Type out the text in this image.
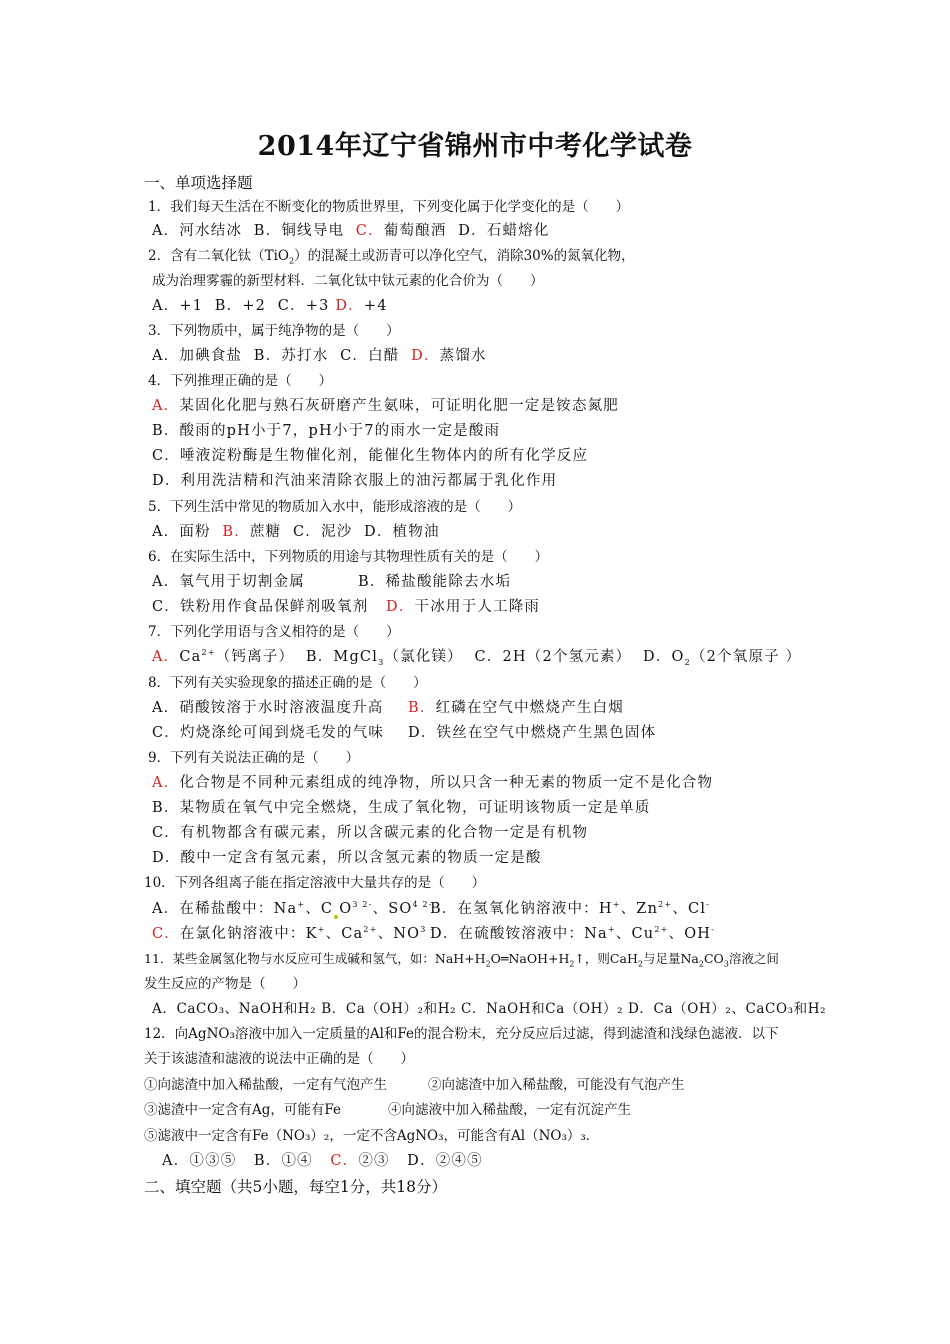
2014年辽宁省锦州市中考化学试卷
一、单项选择题
1．我们每天生活在不断变化的物质世界里，下列变化属于化学变化的是（　　）
A．河水结冰 B．铜线导电 C．葡萄酿酒 D．石蜡熔化
2．含有二氧化钛（TiO$_2$）的混凝土或沥青可以净化空气，消除30%的氮氧化物，
成为治理雾霾的新型材料．二氧化钛中钛元素的化合价为（　　）
A．+1 B．+2 C．+3 D．+4
3．下列物质中，属于纯净物的是（　　）
A．加碘食盐 B．苏打水 C．白醋 D．蒸馏水
4．下列推理正确的是（　　）
A．某固化化肥与熟石灰研磨产生氨味，可证明化肥一定是铵态氮肥
B．酸雨的pH小于7，pH小于7的雨水一定是酸雨
C．唾液淀粉酶是生物催化剂，能催化生物体内的所有化学反应
D．利用洗洁精和汽油来清除衣服上的油污都属于乳化作用
5．下列生活中常见的物质加入水中，能形成溶液的是（　　）
A．面粉 B．蔗糖 C．泥沙 D．植物油
6．在实际生活中，下列物质的用途与其物理性质有关的是（　　）
A．氧气用于切割金属	B．稀盐酸能除去水垢
C．铁粉用作食品保鲜剂吸氧剂 D．干冰用于人工降雨
7．下列化学用语与含义相符的是（　　）
A．$Ca^{2+}$（钙离子） B．MgCl$_3$（氯化镁） C．2H（2个氢元素） D．$O_2(2$个氧原子 ）
8．下列有关实验现象的描述正确的是（　　）
A．硝酸铵溶于水时溶液温度升高 B．红磷在空气中燃烧产生白烟
C．灼烧涤纶可闻到烧毛发的气味 D．铁丝在空气中燃烧产生黑色固体
9．下列有关说法正确的是（　　）
A．化合物是不同种元素组成的纯净物，所以只含一种无素的物质一定不是化合物
B．某物质在氧气中完全燃烧，生成了氧化物，可证明该物质一定是单质
C．有机物都含有碳元素，所以含碳元素的化合物一定是有机物
D．酸中一定含有氢元素，所以含氢元素的物质一定是酸
10．下列各组离子能在指定溶液中大量共存的是（　　）
A．在稀盐酸中：Na+、C $O^{3 2-}$、$SO^{4 2-}$
B．在氢氧化钠溶液中：H+、$Zn^{2+}$、Cl-
C．在氯化钠溶液中：K+、$Ca^{2+}$、$NO^{3 -}$
D．在硫酸铵溶液中：Na+、$Cu^{2+}$、OH-
11．某些金属氢化物与水反应可生成碱和氢气，如：$NaH+H_2O═NaOH+H_2↑$，则CaH$_2$与足量$Na_2CO_3$溶液之间
发生反应的产物是（　　）
A．CaCO₃、NaOH和H₂ B．Ca（OH）₂和H₂ C．NaOH和Ca（OH）₂ D．Ca（OH）₂、CaCO₃和H₂
12．向AgNO₃溶液中加入一定质量的Al和Fe的混合粉末，充分反应后过滤，得到滤渣和浅绿色滤液．以下
关于该滤渣和滤液的说法中正确的是（　　）
①向滤渣中加入稀盐酸，一定有气泡产生	②向滤渣中加入稀盐酸，可能没有气泡产生
③滤渣中一定含有Ag，可能有Fe	④向滤液中加入稀盐酸，一定有沉淀产生
⑤滤液中一定含有Fe（NO₃）₂，一定不含AgNO₃，可能含有Al（NO₃）₃．
A．①③⑤ B．①④ C．②③ D．②④⑤
二、填空题（共5小题，每空1分，共18分）
